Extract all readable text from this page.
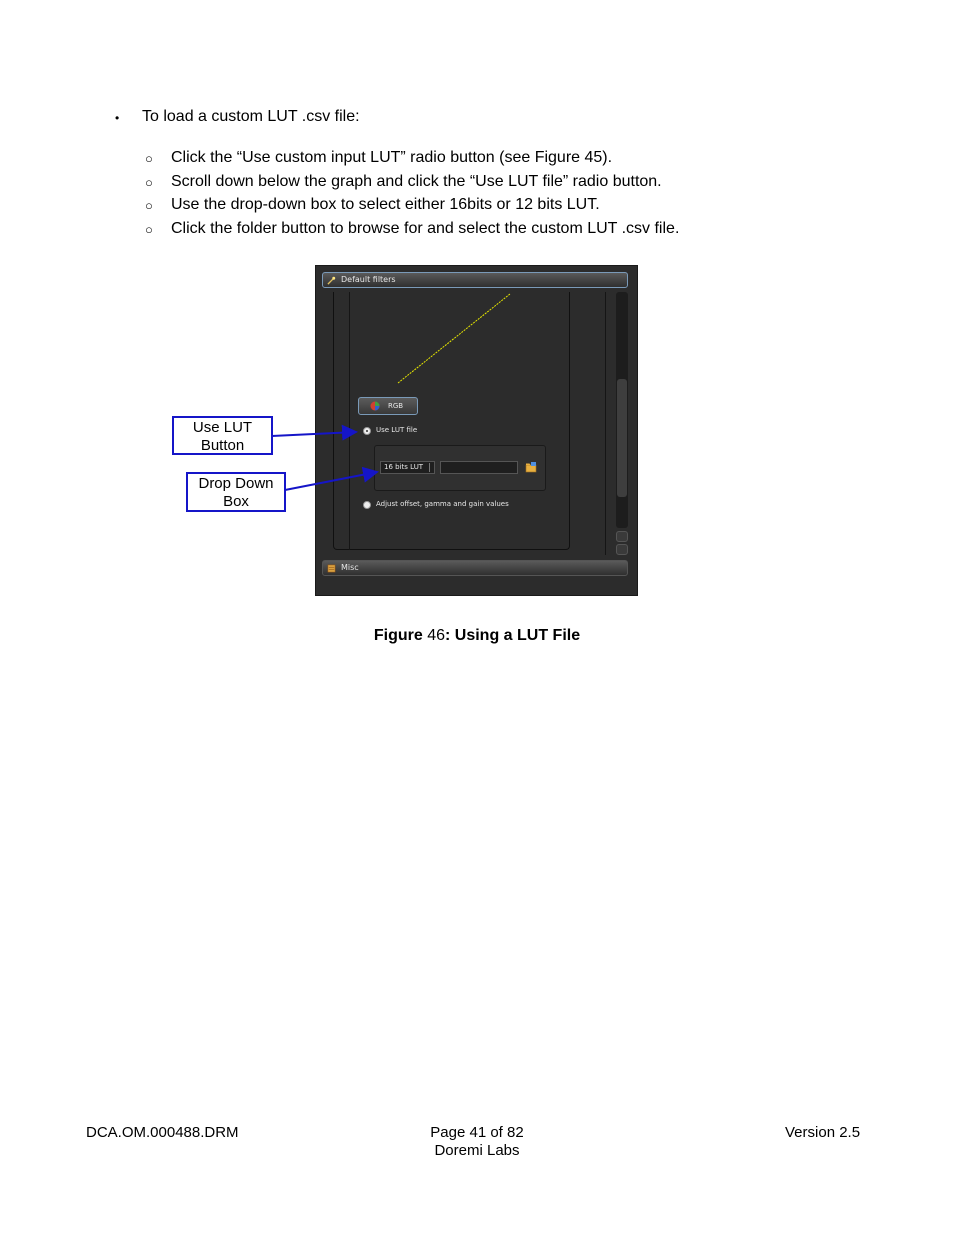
• To load a custom LUT .csv file:
○ Click the “Use custom input LUT” radio button (see Figure 45).
○ Scroll down below the graph and click the “Use LUT file” radio button.
○ Use the drop-down box to select either 16bits or 12 bits LUT.
○ Click the folder button to browse for and select the custom LUT .csv file.
Default filters
RGB
Use LUT file
16 bits LUT
Adjust offset, gamma and gain values
Misc
Use LUT
Button
Drop Down
Box
Figure 46: Using a LUT File
DCA.OM.000488.DRM	Page 41 of 82
Doremi Labs
Version 2.5
